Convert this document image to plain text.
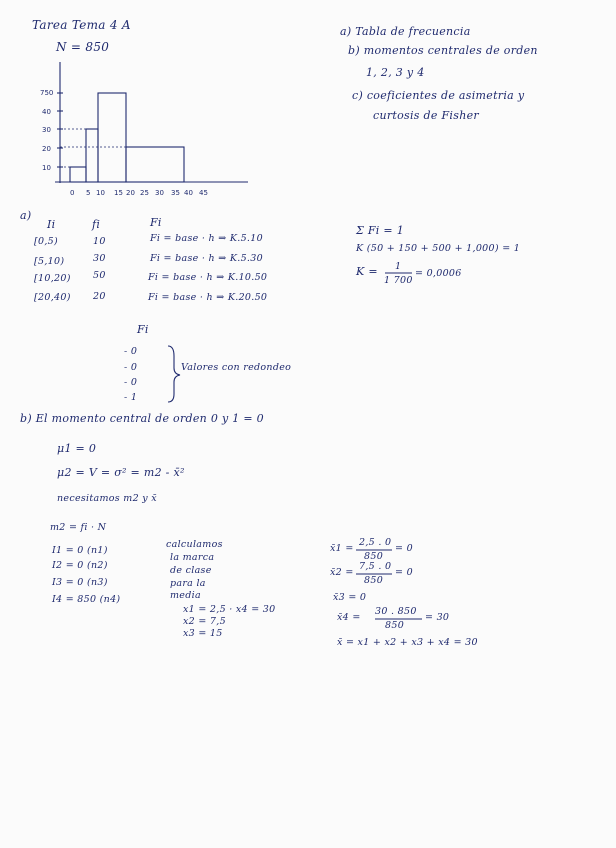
Tarea Tema 4 A
N = 850
a) Tabla de frecuencia
b) momentos centrales de orden
1, 2, 3 y 4
c) coeficientes de asimetria y
curtosis de Fisher
750
40
30
20
10
0 5 10 15 20 25 30 35 40 45
a)
Ii	fi	Fi
[0,5)	10	Fi = base · h ⇒ K.5.10
[5,10)	30	Fi = base · h ⇒ K.5.30
[10,20) 50	Fi = base · h ⇒ K.10.50
[20,40) 20	Fi = base · h ⇒ K.20.50
Σ Fi = 1
K (50 + 150 + 500 + 1,000) = 1
K = 1
1 700
= 0,0006
Fi
- 0
- 0
- 0
- 1
Valores con redondeo
b) El momento central de orden 0 y 1 = 0
μ1 = 0
μ2 = V = σ² = m2 - x̄²
necesitamos m2 y x̄
m2 = fi · N
I1 = 0 (n1)
I2 = 0 (n2)
I3 = 0 (n3)
I4 = 850 (n4)
calculamos
la marca
de clase
para la
media
x1 = 2,5 · x4 = 30
x2 = 7,5
x3 = 15
x̄1 =
2,5 . 0
850
= 0
x̄2 =
7,5 . 0
850
= 0
x̄3 = 0
x̄4 =
30 . 850
850
= 30
x̄ = x1 + x2 + x3 + x4 = 30
